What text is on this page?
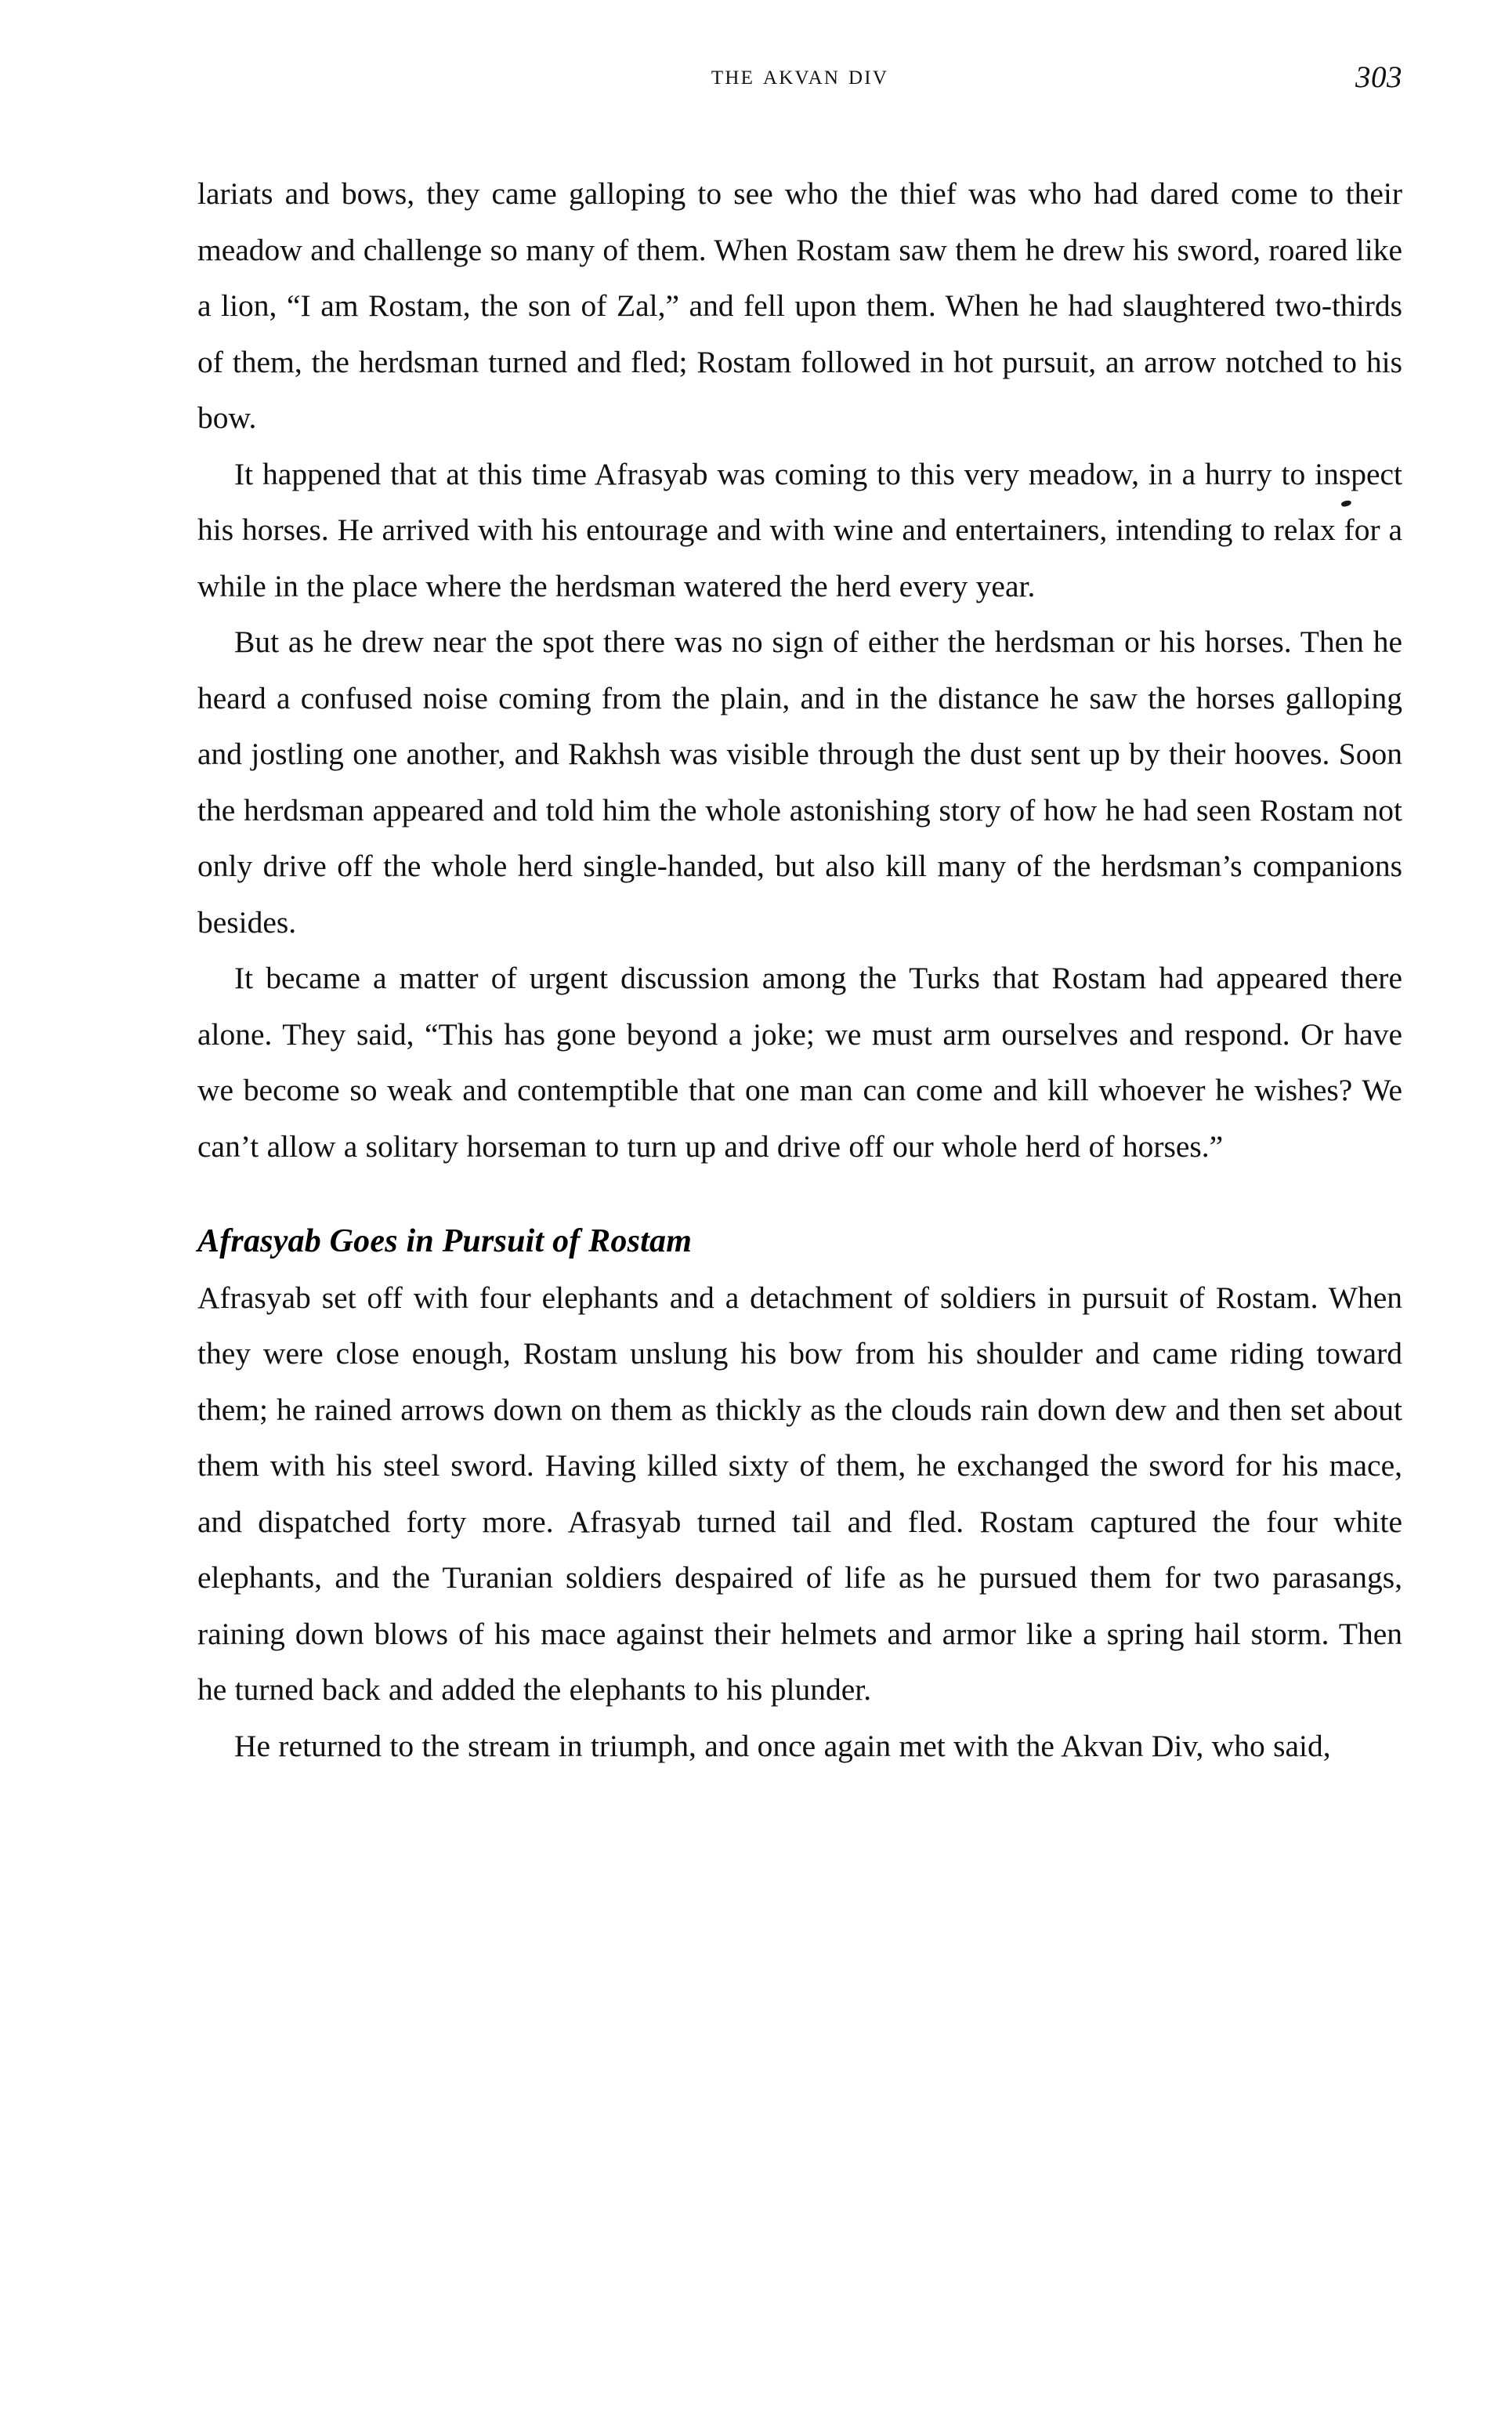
the akvan div	303

lariats and bows, they came galloping to see who the thief was who had dared come to their meadow and challenge so many of them. When Rostam saw them he drew his sword, roared like a lion, “I am Rostam, the son of Zal,” and fell upon them. When he had slaughtered two-thirds of them, the herdsman turned and fled; Rostam followed in hot pursuit, an arrow notched to his bow.

It happened that at this time Afrasyab was coming to this very meadow, in a hurry to inspect his horses. He arrived with his entourage and with wine and entertainers, intending to relax for a while in the place where the herdsman watered the herd every year.

But as he drew near the spot there was no sign of either the herdsman or his horses. Then he heard a confused noise coming from the plain, and in the distance he saw the horses galloping and jostling one another, and Rakhsh was visible through the dust sent up by their hooves. Soon the herdsman appeared and told him the whole astonishing story of how he had seen Rostam not only drive off the whole herd single-handed, but also kill many of the herdsman’s companions besides.

It became a matter of urgent discussion among the Turks that Rostam had appeared there alone. They said, “This has gone beyond a joke; we must arm ourselves and respond. Or have we become so weak and contemptible that one man can come and kill whoever he wishes? We can’t allow a solitary horseman to turn up and drive off our whole herd of horses.”

Afrasyab Goes in Pursuit of Rostam

Afrasyab set off with four elephants and a detachment of soldiers in pursuit of Rostam. When they were close enough, Rostam unslung his bow from his shoulder and came riding toward them; he rained arrows down on them as thickly as the clouds rain down dew and then set about them with his steel sword. Having killed sixty of them, he exchanged the sword for his mace, and dispatched forty more. Afrasyab turned tail and fled. Rostam captured the four white elephants, and the Turanian soldiers despaired of life as he pursued them for two parasangs, raining down blows of his mace against their helmets and armor like a spring hail storm. Then he turned back and added the elephants to his plunder.

He returned to the stream in triumph, and once again met with the Akvan Div, who said,
